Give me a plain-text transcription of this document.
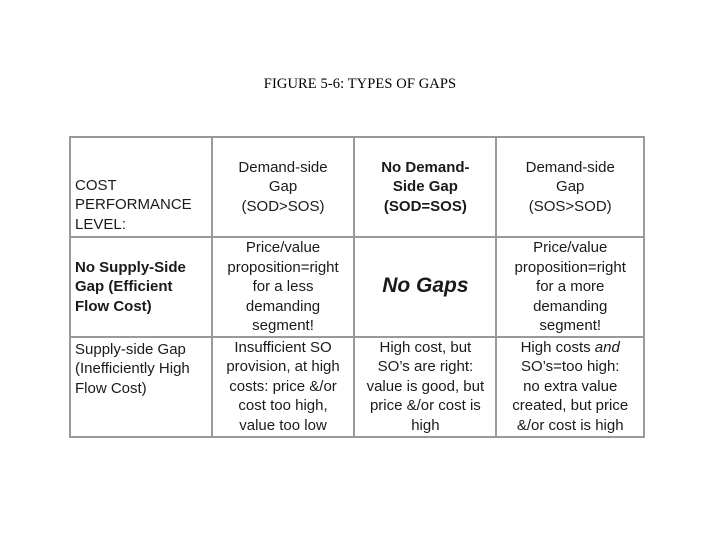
FIGURE 5-6: TYPES OF GAPS
COST
PERFORMANCE
LEVEL:	Demand-side
Gap
(SOD>SOS)	No Demand-
Side Gap
(SOD=SOS)	Demand-side
Gap
(SOS>SOD)

No Supply-Side
Gap (Efficient
Flow Cost)	Price/value
proposition=right
for a less
demanding
segment!	No Gaps	Price/value
proposition=right
for a more
demanding
segment!

Supply-side Gap
(Inefficiently High
Flow Cost)	Insufficient SO
provision, at high
costs: price &/or
cost too high,
value too low	High cost, but
SO’s are right:
value is good, but
price &/or cost is
high	High costs and
SO’s=too high:
no extra value
created, but price
&/or cost is high
